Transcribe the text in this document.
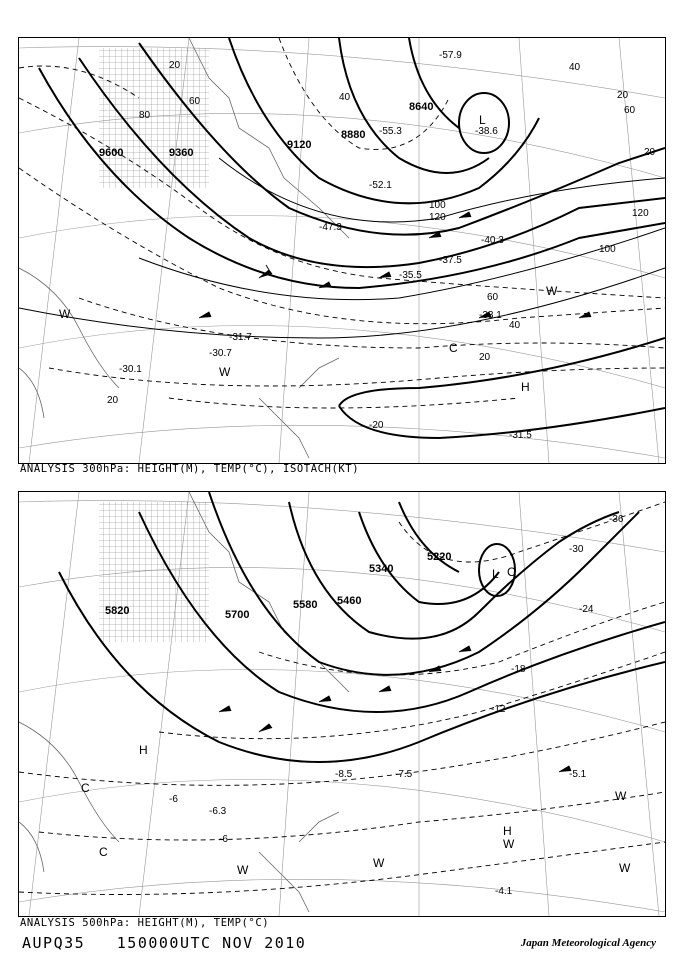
9600	9360
9120
8880
8640
20
40
60
80
100
120
20
40
60
20
40
60
100
120
20
-20
20
-31.5
-30.7
-30.1
-31.7
-33.1
-37.5
-35.5
-40.3
-47.3
-52.1
-55.3
-57.9
-38.6
L
H
W
W
W
C
ANALYSIS 300hPa: HEIGHT(M), TEMP(°C), ISOTACH(KT)
5820	5700
5580 5460
5340
5220
-30
-24
-18
-12
-6
-6
-36
-6.3
-7.5
-8.5	-5.1
-4.1
L C
H
H
W
W
W
W
W
C
C
ANALYSIS 500hPa: HEIGHT(M), TEMP(°C)
AUPQ35 150000UTC NOV 2010	Japan Meteorological Agency
